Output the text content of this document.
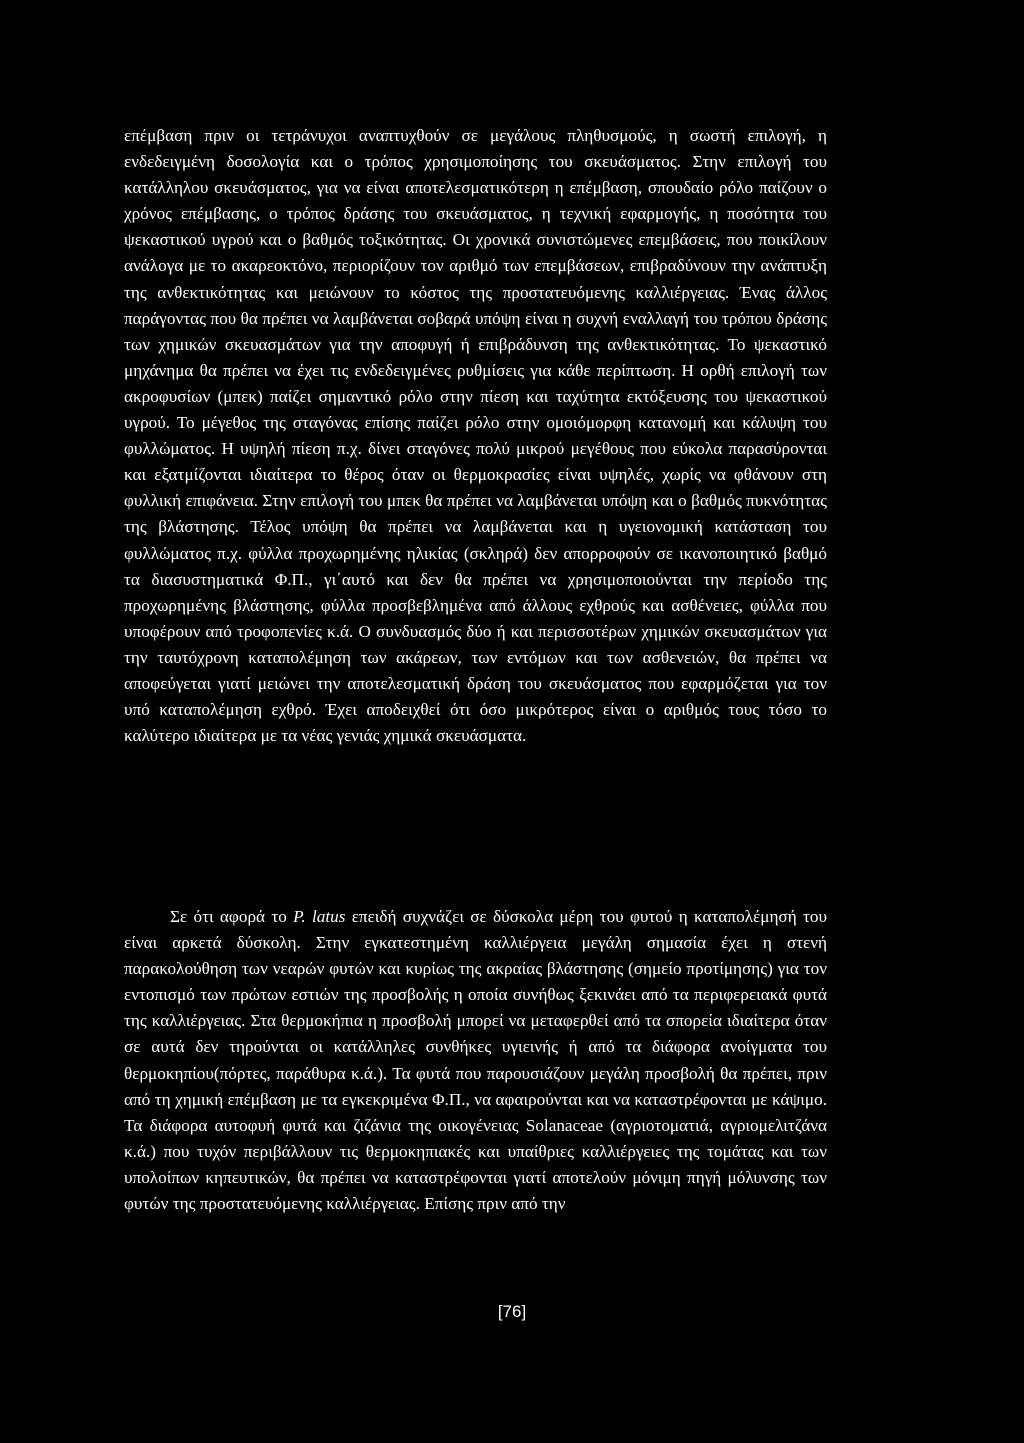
επέμβαση πριν οι τετράνυχοι αναπτυχθούν σε μεγάλους πληθυσμούς, η σωστή επιλογή, η ενδεδειγμένη δοσολογία και ο τρόπος χρησιμοποίησης του σκευάσματος. Στην επιλογή του κατάλληλου σκευάσματος, για να είναι αποτελεσματικότερη η επέμβαση, σπουδαίο ρόλο παίζουν ο χρόνος επέμβασης, ο τρόπος δράσης του σκευάσματος, η τεχνική εφαρμογής, η ποσότητα του ψεκαστικού υγρού και ο βαθμός τοξικότητας. Οι χρονικά συνιστώμενες επεμβάσεις, που ποικίλουν ανάλογα με το ακαρεοκτόνο, περιορίζουν τον αριθμό των επεμβάσεων, επιβραδύνουν την ανάπτυξη της ανθεκτικότητας και μειώνουν το κόστος της προστατευόμενης καλλιέργειας. Ένας άλλος παράγοντας που θα πρέπει να λαμβάνεται σοβαρά υπόψη είναι η συχνή εναλλαγή του τρόπου δράσης των χημικών σκευασμάτων για την αποφυγή ή επιβράδυνση της ανθεκτικότητας. Το ψεκαστικό μηχάνημα θα πρέπει να έχει τις ενδεδειγμένες ρυθμίσεις για κάθε περίπτωση. Η ορθή επιλογή των ακροφυσίων (μπεκ) παίζει σημαντικό ρόλο στην πίεση και ταχύτητα εκτόξευσης του ψεκαστικού υγρού. Το μέγεθος της σταγόνας επίσης παίζει ρόλο στην ομοιόμορφη κατανομή και κάλυψη του φυλλώματος. Η υψηλή πίεση π.χ. δίνει σταγόνες πολύ μικρού μεγέθους που εύκολα παρασύρονται και εξατμίζονται ιδιαίτερα το θέρος όταν οι θερμοκρασίες είναι υψηλές, χωρίς να φθάνουν στη φυλλική επιφάνεια. Στην επιλογή του μπεκ θα πρέπει να λαμβάνεται υπόψη και ο βαθμός πυκνότητας της βλάστησης. Τέλος υπόψη θα πρέπει να λαμβάνεται και η υγειονομική κατάσταση του φυλλώματος π.χ. φύλλα προχωρημένης ηλικίας (σκληρά) δεν απορροφούν σε ικανοποιητικό βαθμό τα διασυστηματικά Φ.Π., γι΄αυτό και δεν θα πρέπει να χρησιμοποιούνται την περίοδο της προχωρημένης βλάστησης, φύλλα προσβεβλημένα από άλλους εχθρούς και ασθένειες, φύλλα που υποφέρουν από τροφοπενίες κ.ά. Ο συνδυασμός δύο ή και περισσοτέρων χημικών σκευασμάτων για την ταυτόχρονη καταπολέμηση των ακάρεων, των εντόμων και των ασθενειών, θα πρέπει να αποφεύγεται γιατί μειώνει την αποτελεσματική δράση του σκευάσματος που εφαρμόζεται για τον υπό καταπολέμηση εχθρό. Έχει αποδειχθεί ότι όσο μικρότερος είναι ο αριθμός τους τόσο το καλύτερο ιδιαίτερα με τα νέας γενιάς χημικά σκευάσματα.

Σε ότι αφορά το P. latus επειδή συχνάζει σε δύσκολα μέρη του φυτού η καταπολέμησή του είναι αρκετά δύσκολη. Στην εγκατεστημένη καλλιέργεια μεγάλη σημασία έχει η στενή παρακολούθηση των νεαρών φυτών και κυρίως της ακραίας βλάστησης (σημείο προτίμησης) για τον εντοπισμό των πρώτων εστιών της προσβολής η οποία συνήθως ξεκινάει από τα περιφερειακά φυτά της καλλιέργειας. Στα θερμοκήπια η προσβολή μπορεί να μεταφερθεί από τα σπορεία ιδιαίτερα όταν σε αυτά δεν τηρούνται οι κατάλληλες συνθήκες υγιεινής ή από τα διάφορα ανοίγματα του θερμοκηπίου(πόρτες, παράθυρα κ.ά.). Τα φυτά που παρουσιάζουν μεγάλη προσβολή θα πρέπει, πριν από τη χημική επέμβαση με τα εγκεκριμένα Φ.Π., να αφαιρούνται και να καταστρέφονται με κάψιμο. Τα διάφορα αυτοφυή φυτά και ζιζάνια της οικογένειας Solanaceae (αγριοτοματιά, αγριομελιτζάνα κ.ά.) που τυχόν περιβάλλουν τις θερμοκηπιακές και υπαίθριες καλλιέργειες της τομάτας και των υπολοίπων κηπευτικών, θα πρέπει να καταστρέφονται γιατί αποτελούν μόνιμη πηγή μόλυνσης των φυτών της προστατευόμενης καλλιέργειας. Επίσης πριν από την

[76]
